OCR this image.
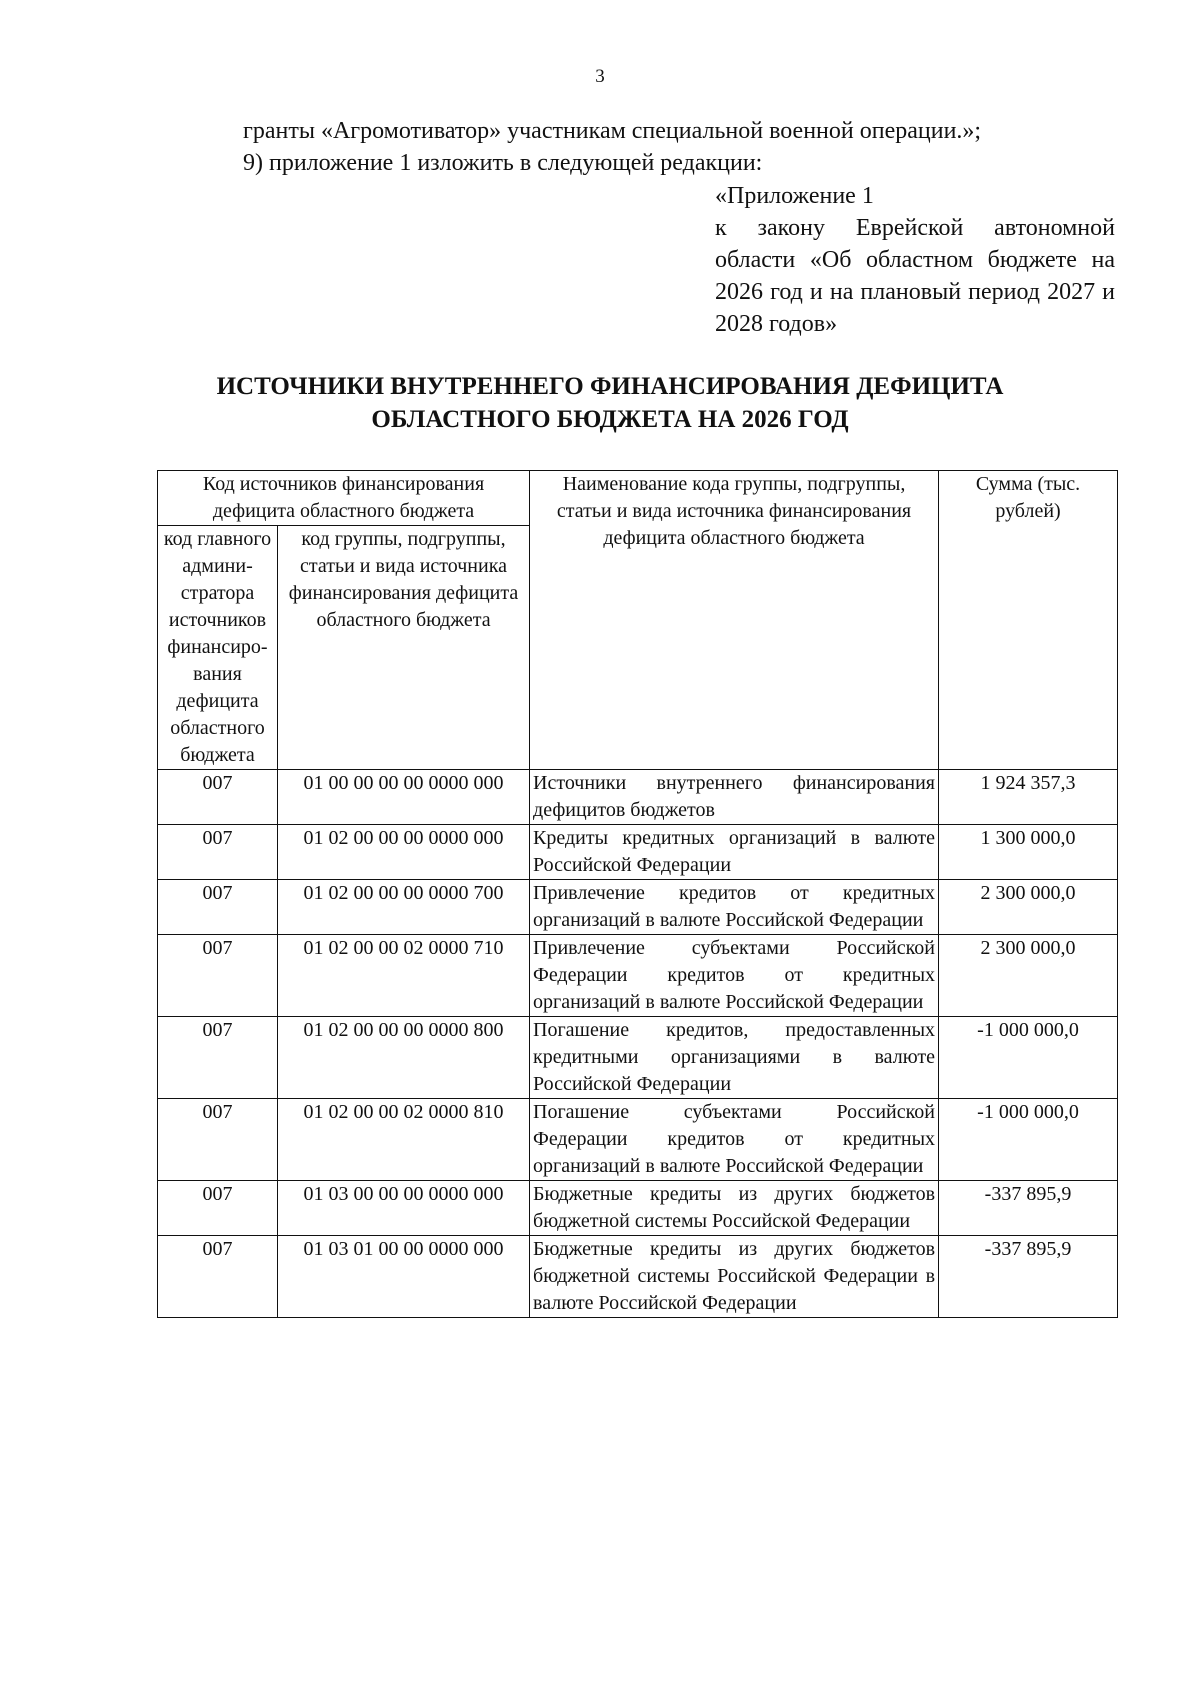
3
гранты «Агромотиватор» участникам специальной военной операции.»;
9) приложение 1 изложить в следующей редакции:
«Приложение 1
к закону Еврейской автономной области «Об областном бюджете на 2026 год и на плановый период 2027 и 2028 годов»
ИСТОЧНИКИ ВНУТРЕННЕГО ФИНАНСИРОВАНИЯ ДЕФИЦИТА
ОБЛАСТНОГО БЮДЖЕТА НА 2026 ГОД
Код источников финансирования дефицита областного бюджета		Наименование кода группы, подгруппы, статьи и вида источника финансирования дефицита областного бюджета	Сумма (тыс. рублей)
код главного админи-стратора источников финансиро-вания дефицита областного бюджета	код группы, подгруппы, статьи и вида источника финансирования дефицита областного бюджета		
007	01 00 00 00 00 0000 000	Источники внутреннего финансирования дефицитов бюджетов	1 924 357,3
007	01 02 00 00 00 0000 000	Кредиты кредитных организаций в валюте Российской Федерации	1 300 000,0
007	01 02 00 00 00 0000 700	Привлечение кредитов от кредитных организаций в валюте Российской Федерации	2 300 000,0
007	01 02 00 00 02 0000 710	Привлечение субъектами Российской Федерации кредитов от кредитных организаций в валюте Российской Федерации	2 300 000,0
007	01 02 00 00 00 0000 800	Погашение кредитов, предоставленных кредитными организациями в валюте Российской Федерации	-1 000 000,0
007	01 02 00 00 02 0000 810	Погашение субъектами Российской Федерации кредитов от кредитных организаций в валюте Российской Федерации	-1 000 000,0
007	01 03 00 00 00 0000 000	Бюджетные кредиты из других бюджетов бюджетной системы Российской Федерации	-337 895,9
007	01 03 01 00 00 0000 000	Бюджетные кредиты из других бюджетов бюджетной системы Российской Федерации в валюте Российской Федерации	-337 895,9
